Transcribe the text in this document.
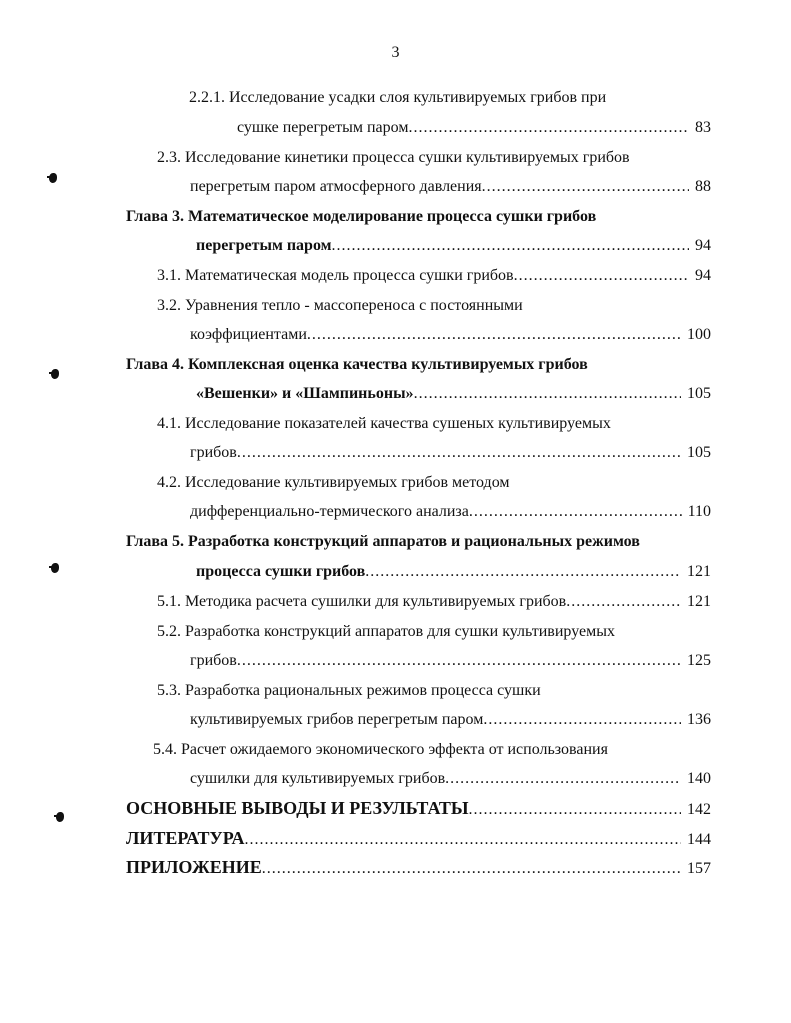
3
2.2.1. Исследование усадки слоя культивируемых грибов при
сушке перегретым паром .....	83
2.3. Исследование кинетики процесса сушки культивируемых грибов
перегретым паром атмосферного давления .....	88
Глава 3. Математическое моделирование процесса сушки грибов
перегретым паром .....	94
3.1. Математическая модель процесса сушки грибов .....	94
3.2. Уравнения тепло - массопереноса с постоянными
коэффициентами .....	100
Глава 4. Комплексная оценка качества культивируемых грибов
«Вешенки» и «Шампиньоны» .....	105
4.1. Исследование показателей качества сушеных культивируемых
грибов .....	105
4.2. Исследование культивируемых грибов методом
дифференциально-термического анализа .....	110
Глава 5. Разработка конструкций аппаратов и рациональных режимов
процесса сушки грибов .....	121
5.1. Методика расчета сушилки для культивируемых грибов .....	121
5.2. Разработка конструкций аппаратов для сушки культивируемых
грибов .....	125
5.3. Разработка рациональных режимов процесса сушки
культивируемых грибов перегретым паром .....	136
5.4. Расчет ожидаемого экономического эффекта от использования
сушилки для культивируемых грибов .....	140
ОСНОВНЫЕ ВЫВОДЫ И РЕЗУЛЬТАТЫ .....	142
ЛИТЕРАТУРА .....	144
ПРИЛОЖЕНИЕ .....	157
